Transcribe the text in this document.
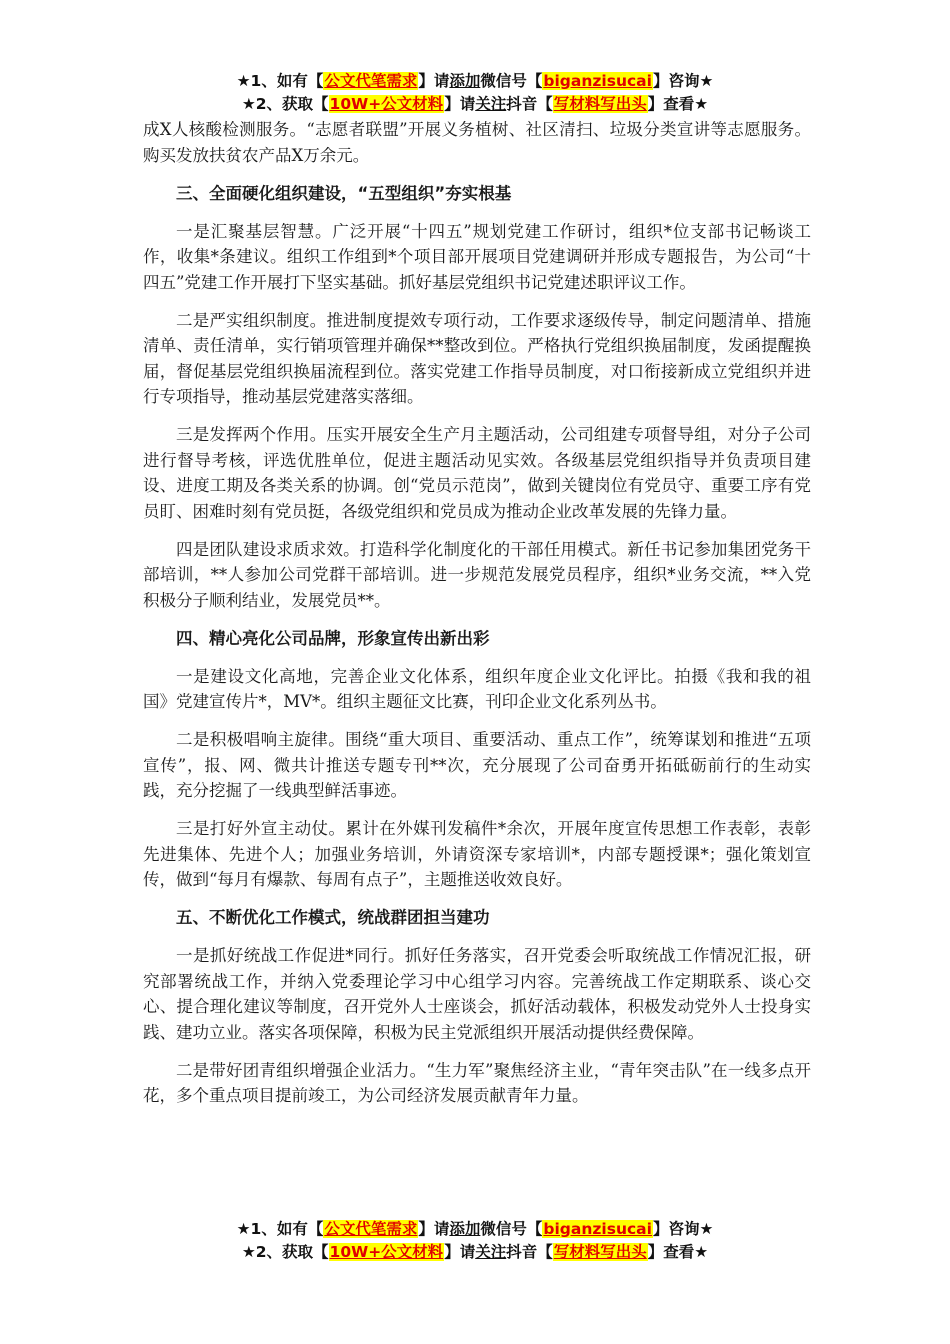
★1、如有【公文代笔需求】请添加微信号【biganzisucai】咨询★
★2、获取【10W+公文材料】请关注抖音【写材料写出头】查看★

成X人核酸检测服务。“志愿者联盟”开展义务植树、社区清扫、垃圾分类宣讲等志愿服务。购买发放扶贫农产品X万余元。

三、全面硬化组织建设，“五型组织”夯实根基

一是汇聚基层智慧。广泛开展“十四五”规划党建工作研讨，组织*位支部书记畅谈工作，收集*条建议。组织工作组到*个项目部开展项目党建调研并形成专题报告，为公司“十四五”党建工作开展打下坚实基础。抓好基层党组织书记党建述职评议工作。

二是严实组织制度。推进制度提效专项行动，工作要求逐级传导，制定问题清单、措施清单、责任清单，实行销项管理并确保**整改到位。严格执行党组织换届制度，发函提醒换届，督促基层党组织换届流程到位。落实党建工作指导员制度，对口衔接新成立党组织并进行专项指导，推动基层党建落实落细。

三是发挥两个作用。压实开展安全生产月主题活动，公司组建专项督导组，对分子公司进行督导考核，评选优胜单位，促进主题活动见实效。各级基层党组织指导并负责项目建设、进度工期及各类关系的协调。创“党员示范岗”，做到关键岗位有党员守、重要工序有党员盯、困难时刻有党员挺，各级党组织和党员成为推动企业改革发展的先锋力量。

四是团队建设求质求效。打造科学化制度化的干部任用模式。新任书记参加集团党务干部培训，**人参加公司党群干部培训。进一步规范发展党员程序，组织*业务交流，**入党积极分子顺利结业，发展党员**。

四、精心亮化公司品牌，形象宣传出新出彩

一是建设文化高地，完善企业文化体系，组织年度企业文化评比。拍摄《我和我的祖国》党建宣传片*，MV*。组织主题征文比赛，刊印企业文化系列丛书。

二是积极唱响主旋律。围绕“重大项目、重要活动、重点工作”，统筹谋划和推进“五项宣传”，报、网、微共计推送专题专刊**次，充分展现了公司奋勇开拓砥砺前行的生动实践，充分挖掘了一线典型鲜活事迹。

三是打好外宣主动仗。累计在外媒刊发稿件*余次，开展年度宣传思想工作表彰，表彰先进集体、先进个人；加强业务培训，外请资深专家培训*，内部专题授课*；强化策划宣传，做到“每月有爆款、每周有点子”，主题推送收效良好。

五、不断优化工作模式，统战群团担当建功

一是抓好统战工作促进*同行。抓好任务落实，召开党委会听取统战工作情况汇报，研究部署统战工作，并纳入党委理论学习中心组学习内容。完善统战工作定期联系、谈心交心、提合理化建议等制度，召开党外人士座谈会，抓好活动载体，积极发动党外人士投身实践、建功立业。落实各项保障，积极为民主党派组织开展活动提供经费保障。

二是带好团青组织增强企业活力。“生力军”聚焦经济主业，“青年突击队”在一线多点开花，多个重点项目提前竣工，为公司经济发展贡献青年力量。

★1、如有【公文代笔需求】请添加微信号【biganzisucai】咨询★
★2、获取【10W+公文材料】请关注抖音【写材料写出头】查看★
